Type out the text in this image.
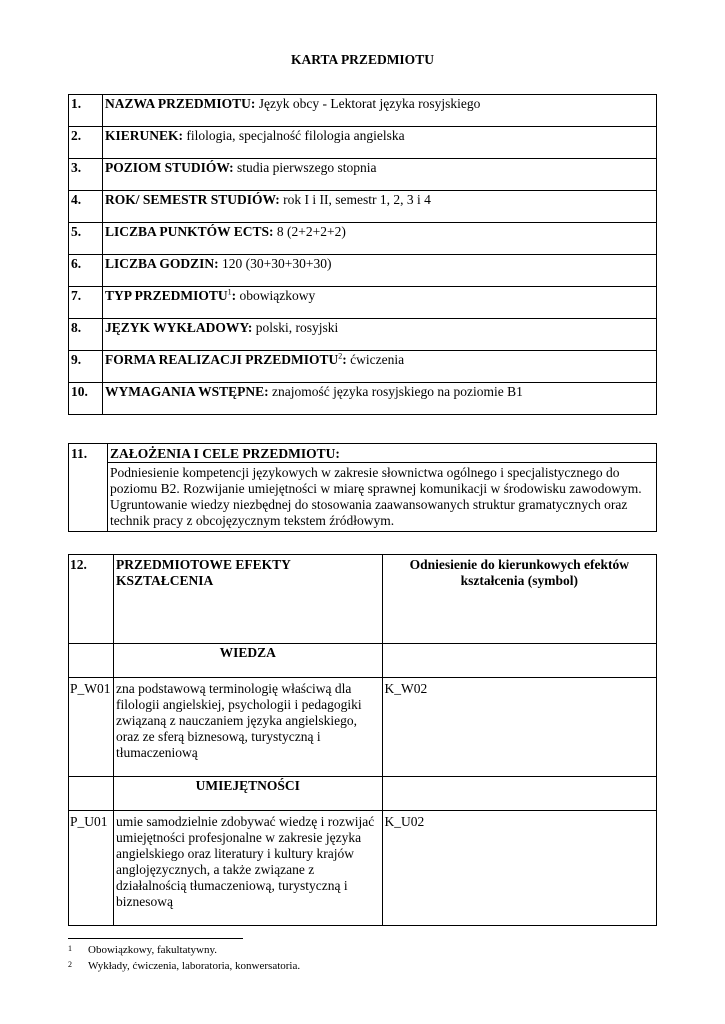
KARTA PRZEDMIOTU
1.	NAZWA PRZEDMIOTU: Język obcy - Lektorat języka rosyjskiego
2.	KIERUNEK: filologia, specjalność filologia angielska
3.	POZIOM STUDIÓW: studia pierwszego stopnia
4.	ROK/ SEMESTR STUDIÓW: rok I i II, semestr 1, 2, 3 i 4
5.	LICZBA PUNKTÓW ECTS: 8 (2+2+2+2)
6.	LICZBA GODZIN: 120 (30+30+30+30)
7.	TYP PRZEDMIOTU$^1$: obowiązkowy
8.	JĘZYK WYKŁADOWY: polski, rosyjski
9.	FORMA REALIZACJI PRZEDMIOTU$^2$: ćwiczenia
10.	WYMAGANIA WSTĘPNE: znajomość języka rosyjskiego na poziomie B1
11.	ZAŁOŻENIA I CELE PRZEDMIOTU:
Podniesienie kompetencji językowych w zakresie słownictwa ogólnego i specjalistycznego do poziomu B2. Rozwijanie umiejętności w miarę sprawnej komunikacji w środowisku zawodowym. Ugruntowanie wiedzy niezbędnej do stosowania zaawansowanych struktur gramatycznych oraz technik pracy z obcojęzycznym tekstem źródłowym.
12.	PRZEDMIOTOWE EFEKTY KSZTAŁCENIA	Odniesienie do kierunkowych efektów kształcenia (symbol)
	WIEDZA	
P_W01	zna podstawową terminologię właściwą dla filologii angielskiej, psychologii i pedagogiki związaną z nauczaniem języka angielskiego, oraz ze sferą biznesową, turystyczną i tłumaczeniową	K_W02
	UMIEJĘTNOŚCI	
P_U01	umie samodzielnie zdobywać wiedzę i rozwijać umiejętności profesjonalne w zakresie języka angielskiego oraz literatury i kultury krajów anglojęzycznych, a także związane z działalnością tłumaczeniową, turystyczną i biznesową	K_U02
1 Obowiązkowy, fakultatywny.
2 Wykłady, ćwiczenia, laboratoria, konwersatoria.
